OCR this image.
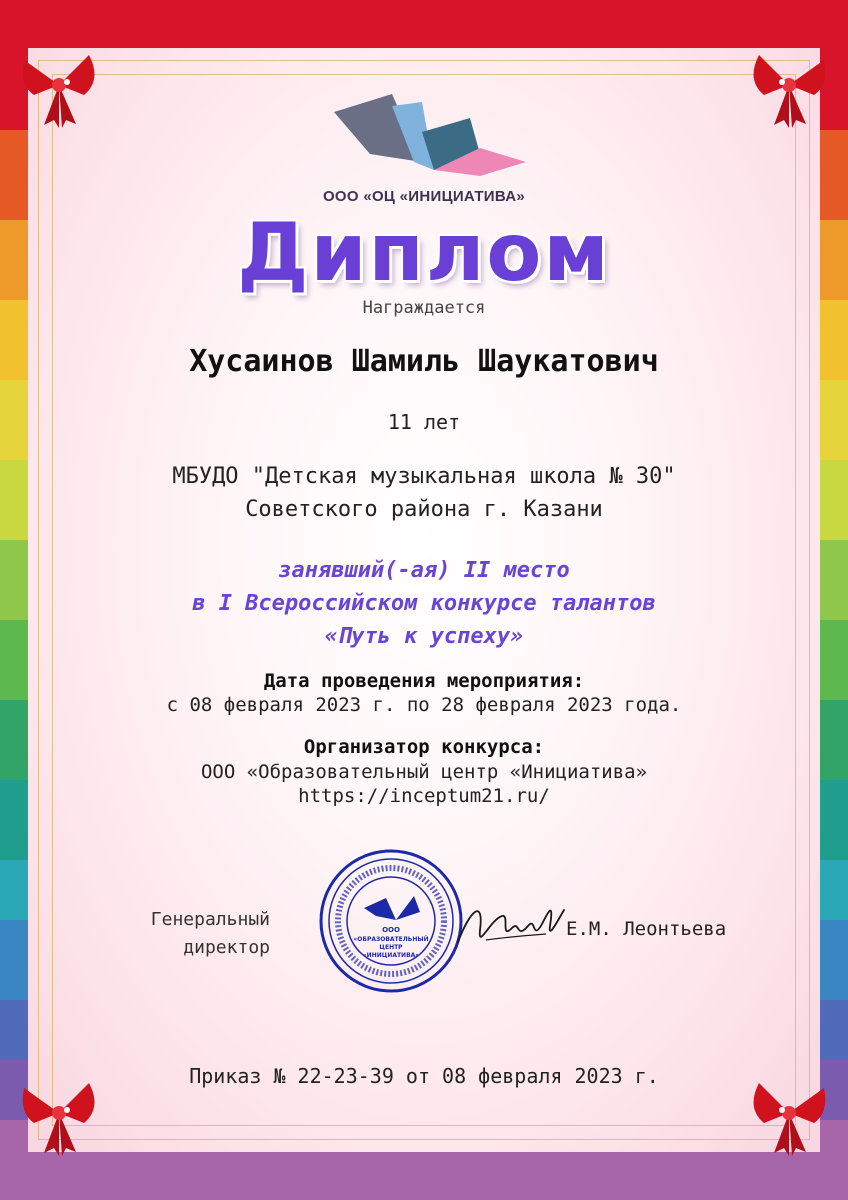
ООО «ОЦ «ИНИЦИАТИВА»
Диплом
Награждается
Хусаинов Шамиль Шаукатович
11 лет
МБУДО "Детская музыкальная школа № 30"
Советского района г. Казани
занявший(-ая) II место
в I Всероссийском конкурсе талантов
«Путь к успеху»
Дата проведения мероприятия:
с 08 февраля 2023 г. по 28 февраля 2023 года.
Организатор конкурса:
ООО «Образовательный центр «Инициатива»
https://inceptum21.ru/
Генеральный
директор
ООО
«ОБРАЗОВАТЕЛЬНЫЙ
ЦЕНТР
«ИНИЦИАТИВА»
Е.М. Леонтьева
Приказ № 22-23-39 от 08 февраля 2023 г.
